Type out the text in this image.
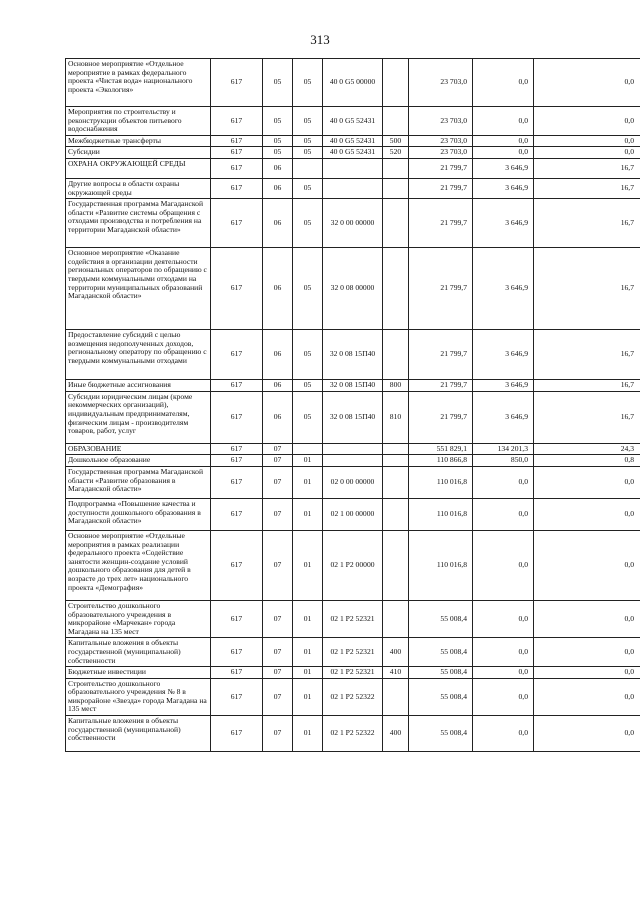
313
Основное мероприятие «Отдельное мероприятие в рамках федерального проекта «Чистая вода» национального проекта «Экология»	617	05	05	40 0 G5 00000		23 703,0	0,0	0,0
Мероприятия по строительству и реконструкции объектов питьевого водоснабжения	617	05	05	40 0 G5 52431		23 703,0	0,0	0,0
Межбюджетные трансферты	617	05	05	40 0 G5 52431	500	23 703,0	0,0	0,0
Субсидии	617	05	05	40 0 G5 52431	520	23 703,0	0,0	0,0
ОХРАНА ОКРУЖАЮЩЕЙ СРЕДЫ	617	06				21 799,7	3 646,9	16,7
Другие вопросы в области охраны окружающей среды	617	06	05			21 799,7	3 646,9	16,7
Государственная программа Магаданской области «Развитие системы обращения с отходами производства и потребления на территории Магаданской области»	617	06	05	32 0 00 00000		21 799,7	3 646,9	16,7
Основное мероприятие «Оказание содействия в организации деятельности региональных операторов по обращению с твердыми коммунальными отходами на территории муниципальных образований Магаданской области»	617	06	05	32 0 08 00000		21 799,7	3 646,9	16,7
Предоставление субсидий с целью возмещения недополученных доходов, региональному оператору по обращению с твердыми коммунальными отходами	617	06	05	32 0 08 15П40		21 799,7	3 646,9	16,7
Иные бюджетные ассигнования	617	06	05	32 0 08 15П40	800	21 799,7	3 646,9	16,7
Субсидии юридическим лицам (кроме некоммерческих организаций), индивидуальным предпринимателям, физическим лицам - производителям товаров, работ, услуг	617	06	05	32 0 08 15П40	810	21 799,7	3 646,9	16,7
ОБРАЗОВАНИЕ	617	07				551 829,1	134 201,3	24,3
Дошкольное образование	617	07	01			110 866,8	850,0	0,8
Государственная программа Магаданской области «Развитие образования в Магаданской области»	617	07	01	02 0 00 00000		110 016,8	0,0	0,0
Подпрограмма «Повышение качества и доступности дошкольного образования в Магаданской области»	617	07	01	02 1 00 00000		110 016,8	0,0	0,0
Основное мероприятие «Отдельные мероприятия в рамках реализации федерального проекта «Содействие занятости женщин-создание условий дошкольного образования для детей в возрасте до трех лет» национального проекта «Демография»	617	07	01	02 1 P2 00000		110 016,8	0,0	0,0
Строительство дошкольного образовательного учреждения в микрорайоне «Марчекан» города Магадана на 135 мест	617	07	01	02 1 P2 52321		55 008,4	0,0	0,0
Капитальные вложения в объекты государственной (муниципальной) собственности	617	07	01	02 1 P2 52321	400	55 008,4	0,0	0,0
Бюджетные инвестиции	617	07	01	02 1 P2 52321	410	55 008,4	0,0	0,0
Строительство дошкольного образовательного учреждения № 8 в микрорайоне «Звезда» города Магадана на 135 мест	617	07	01	02 1 P2 52322		55 008,4	0,0	0,0
Капитальные вложения в объекты государственной (муниципальной) собственности	617	07	01	02 1 P2 52322	400	55 008,4	0,0	0,0
